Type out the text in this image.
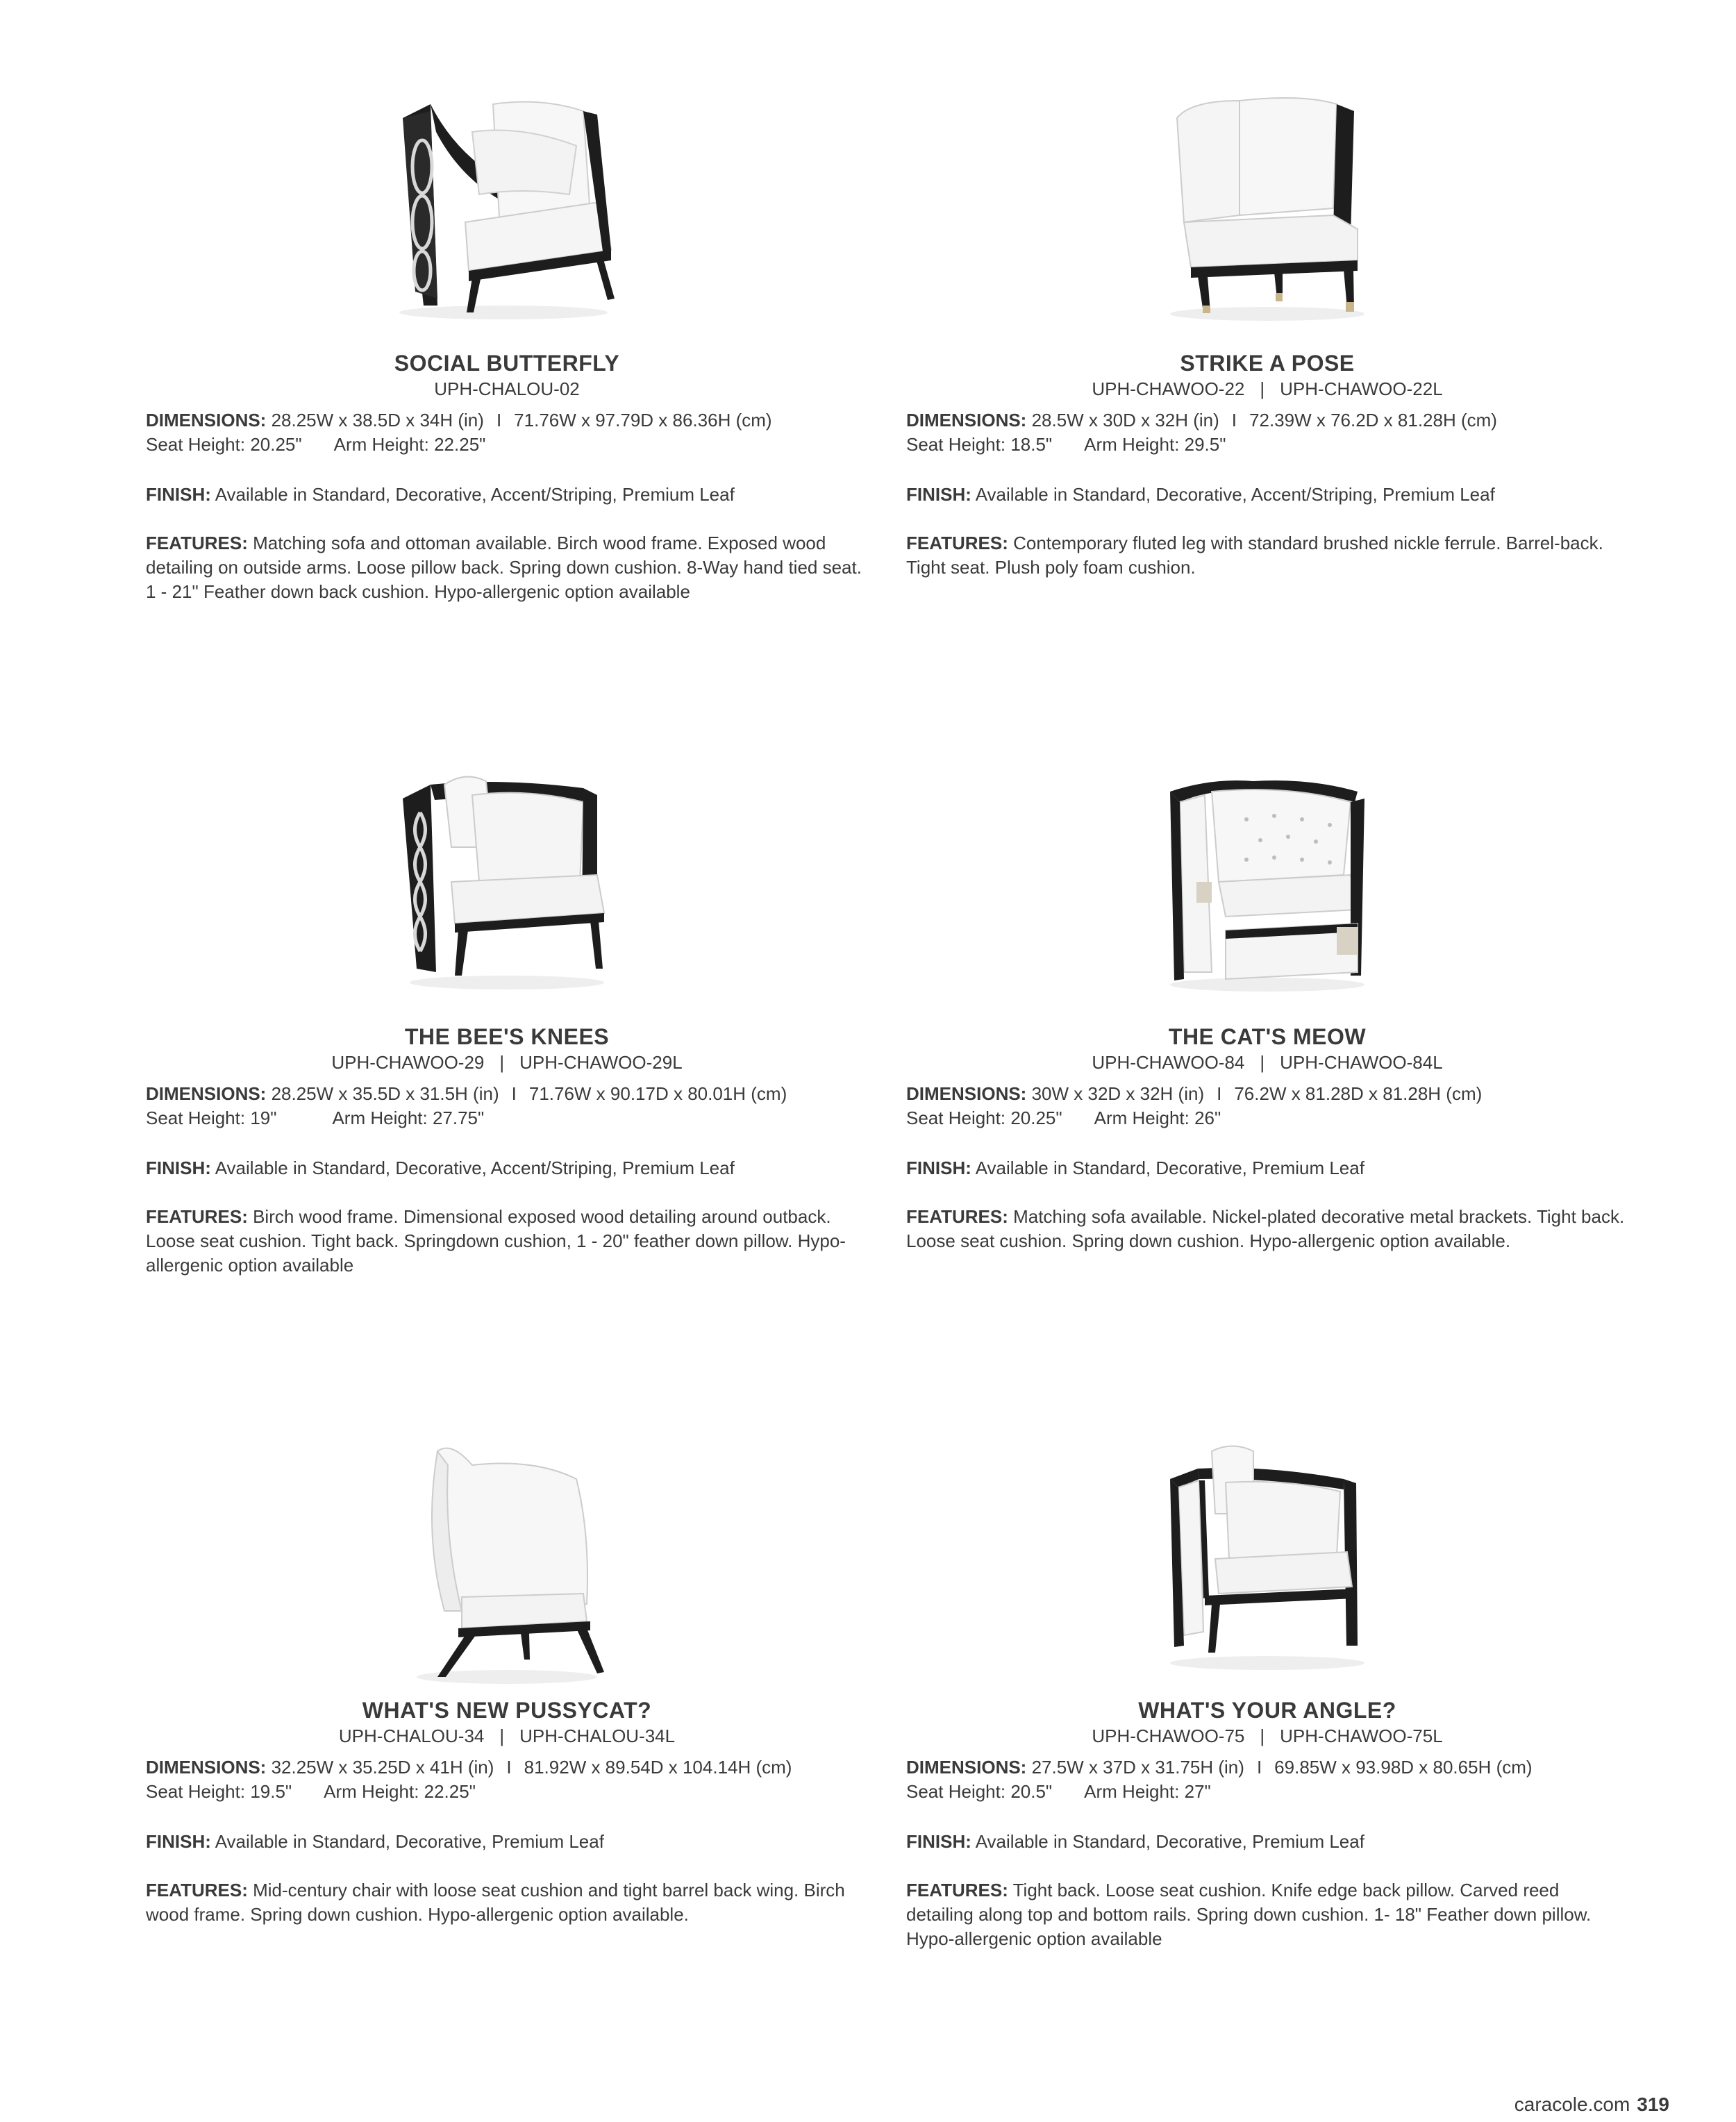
SOCIAL BUTTERFLY
UPH-CHALOU-02
DIMENSIONS: 28.25W x 38.5D x 34H (in) I 71.76W x 97.79D x 86.36H (cm)
Seat Height: 20.25" Arm Height: 22.25"
FINISH: Available in Standard, Decorative, Accent/Striping, Premium Leaf
FEATURES: Matching sofa and ottoman available. Birch wood frame. Exposed wood detailing on outside arms. Loose pillow back. Spring down cushion. 8-Way hand tied seat. 1 - 21" Feather down back cushion. Hypo-allergenic option available
STRIKE A POSE
UPH-CHAWOO-22 | UPH-CHAWOO-22L
DIMENSIONS: 28.5W x 30D x 32H (in) I 72.39W x 76.2D x 81.28H (cm)
Seat Height: 18.5" Arm Height: 29.5"
FINISH: Available in Standard, Decorative, Accent/Striping, Premium Leaf
FEATURES: Contemporary fluted leg with standard brushed nickle ferrule. Barrel-back. Tight seat. Plush poly foam cushion.
THE BEE'S KNEES
UPH-CHAWOO-29 | UPH-CHAWOO-29L
DIMENSIONS: 28.25W x 35.5D x 31.5H (in) I 71.76W x 90.17D x 80.01H (cm)
Seat Height: 19"	Arm Height: 27.75"
FINISH: Available in Standard, Decorative, Accent/Striping, Premium Leaf
FEATURES: Birch wood frame. Dimensional exposed wood detailing around outback. Loose seat cushion. Tight back. Springdown cushion, 1 - 20" feather down pillow. Hypo-allergenic option available
THE CAT'S MEOW
UPH-CHAWOO-84 | UPH-CHAWOO-84L
DIMENSIONS: 30W x 32D x 32H (in) I 76.2W x 81.28D x 81.28H (cm)
Seat Height: 20.25" Arm Height: 26"
FINISH: Available in Standard, Decorative, Premium Leaf
FEATURES: Matching sofa available. Nickel-plated decorative metal brackets. Tight back. Loose seat cushion. Spring down cushion. Hypo-allergenic option available.
WHAT'S NEW PUSSYCAT?
UPH-CHALOU-34 | UPH-CHALOU-34L
DIMENSIONS: 32.25W x 35.25D x 41H (in) I 81.92W x 89.54D x 104.14H (cm)
Seat Height: 19.5" Arm Height: 22.25"
FINISH: Available in Standard, Decorative, Premium Leaf
FEATURES: Mid-century chair with loose seat cushion and tight barrel back wing. Birch wood frame. Spring down cushion. Hypo-allergenic option available.
WHAT'S YOUR ANGLE?
UPH-CHAWOO-75 | UPH-CHAWOO-75L
DIMENSIONS: 27.5W x 37D x 31.75H (in) I 69.85W x 93.98D x 80.65H (cm)
Seat Height: 20.5" Arm Height: 27"
FINISH: Available in Standard, Decorative, Premium Leaf
FEATURES: Tight back. Loose seat cushion. Knife edge back pillow. Carved reed detailing along top and bottom rails. Spring down cushion. 1- 18" Feather down pillow. Hypo-allergenic option available
caracole.com 319
